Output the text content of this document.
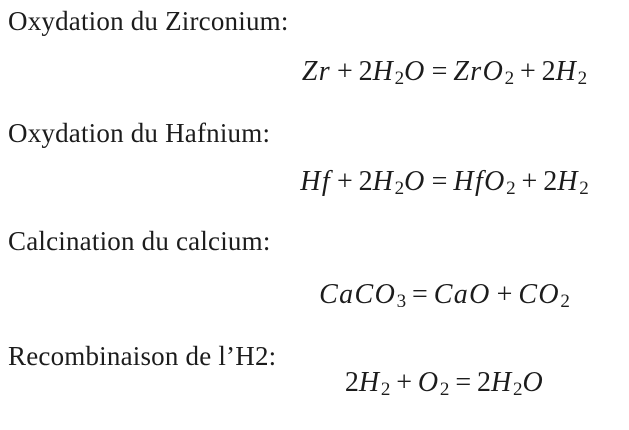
Oxydation du Zirconium:
Zr + 2H2O = ZrO2 + 2H2
Oxydation du Hafnium:
Hf + 2H2O = HfO2 + 2H2
Calcination du calcium:
CaCO3 = CaO + CO2
Recombinaison de l’H2:
2H2 + O2 = 2H2O
